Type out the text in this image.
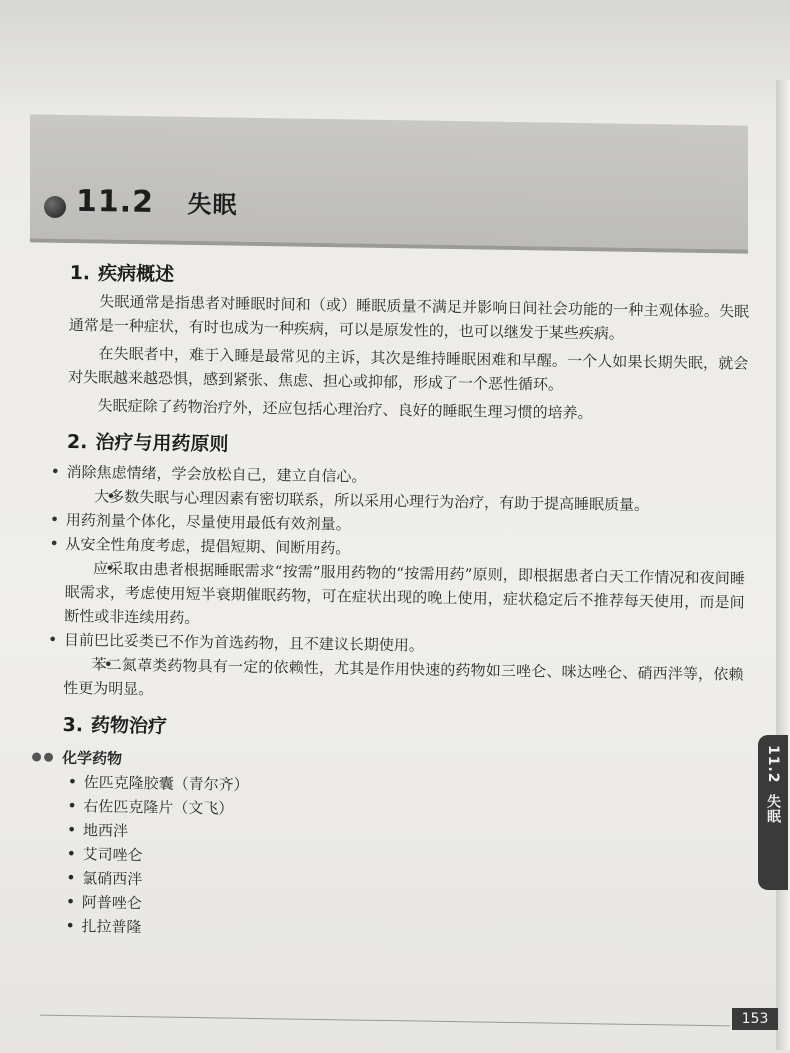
11.2 失眠
1. 疾病概述

失眠通常是指患者对睡眠时间和（或）睡眠质量不满足并影响日间社会功能的一种主观体验。失眠通常是一种症状，有时也成为一种疾病，可以是原发性的，也可以继发于某些疾病。

在失眠者中，难于入睡是最常见的主诉，其次是维持睡眠困难和早醒。一个人如果长期失眠，就会对失眠越来越恐惧，感到紧张、焦虑、担心或抑郁，形成了一个恶性循环。

失眠症除了药物治疗外，还应包括心理治疗、良好的睡眠生理习惯的培养。

2. 治疗与用药原则
• 消除焦虑情绪，学会放松自己，建立自信心。
• 大多数失眠与心理因素有密切联系，所以采用心理行为治疗，有助于提高睡眠质量。
• 用药剂量个体化，尽量使用最低有效剂量。
• 从安全性角度考虑，提倡短期、间断用药。
• 应采取由患者根据睡眠需求“按需”服用药物的“按需用药”原则，即根据患者白天工作情况和夜间睡眠需求，考虑使用短半衰期催眠药物，可在症状出现的晚上使用，症状稳定后不推荐每天使用，而是间断性或非连续用药。
• 目前巴比妥类已不作为首选药物，且不建议长期使用。
• 苯二氮䓬类药物具有一定的依赖性，尤其是作用快速的药物如三唑仑、咪达唑仑、硝西泮等，依赖性更为明显。
3. 药物治疗
化学药物
• 佐匹克隆胶囊（青尔齐）
• 右佐匹克隆片（文飞）
• 地西泮
• 艾司唑仑
• 氯硝西泮
• 阿普唑仑
• 扎拉普隆
11.2
失眠
153
